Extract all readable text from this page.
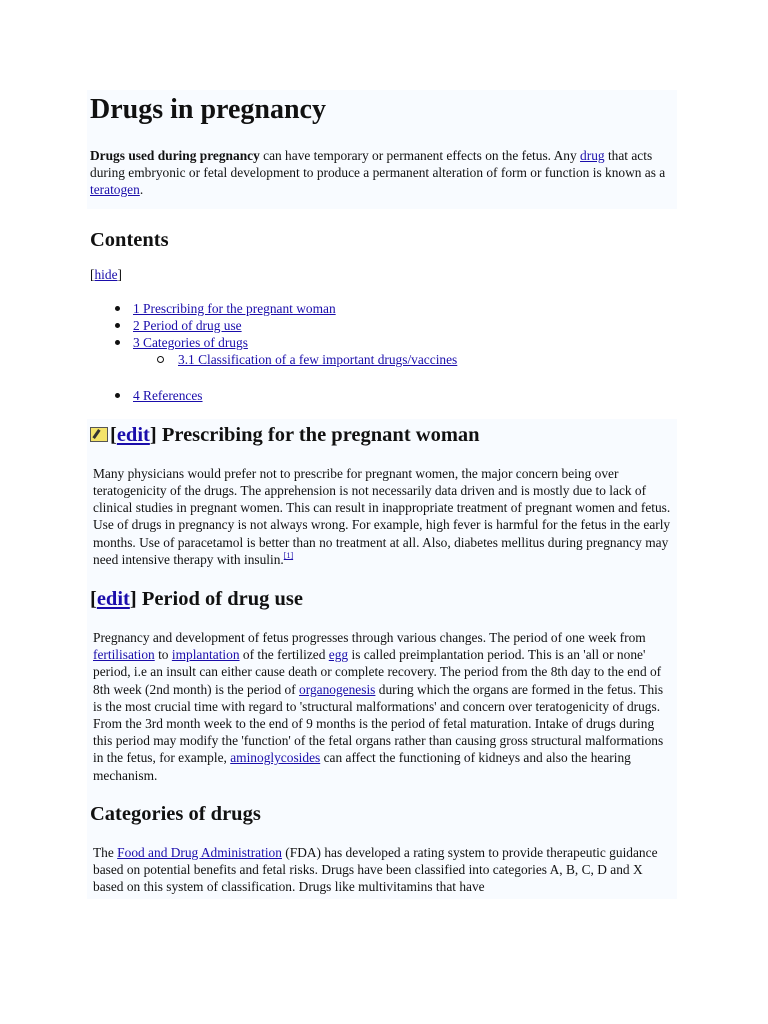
Drugs in pregnancy

Drugs used during pregnancy can have temporary or permanent effects on the fetus. Any drug that acts during embryonic or fetal development to produce a permanent alteration of form or function is known as a teratogen.

Contents
[hide]
1 Prescribing for the pregnant woman
2 Period of drug use
3 Categories of drugs
3.1 Classification of a few important drugs/vaccines
4 References
[ edit ] Prescribing for the pregnant woman

Many physicians would prefer not to prescribe for pregnant women, the major concern being over teratogenicity of the drugs. The apprehension is not necessarily data driven and is mostly due to lack of clinical studies in pregnant women. This can result in inappropriate treatment of pregnant women and fetus. Use of drugs in pregnancy is not always wrong. For example, high fever is harmful for the fetus in the early months. Use of paracetamol is better than no treatment at all. Also, diabetes mellitus during pregnancy may need intensive therapy with insulin.[1]

[edit] Period of drug use

Pregnancy and development of fetus progresses through various changes. The period of one week from fertilisation to implantation of the fertilized egg is called preimplantation period. This is an 'all or none' period, i.e an insult can either cause death or complete recovery. The period from the 8th day to the end of 8th week (2nd month) is the period of organogenesis during which the organs are formed in the fetus. This is the most crucial time with regard to 'structural malformations' and concern over teratogenicity of drugs. From the 3rd month week to the end of 9 months is the period of fetal maturation. Intake of drugs during this period may modify the 'function' of the fetal organs rather than causing gross structural malformations in the fetus, for example, aminoglycosides can affect the functioning of kidneys and also the hearing mechanism.

Categories of drugs

The Food and Drug Administration (FDA) has developed a rating system to provide therapeutic guidance based on potential benefits and fetal risks. Drugs have been classified into categories A, B, C, D and X based on this system of classification. Drugs like multivitamins that have
